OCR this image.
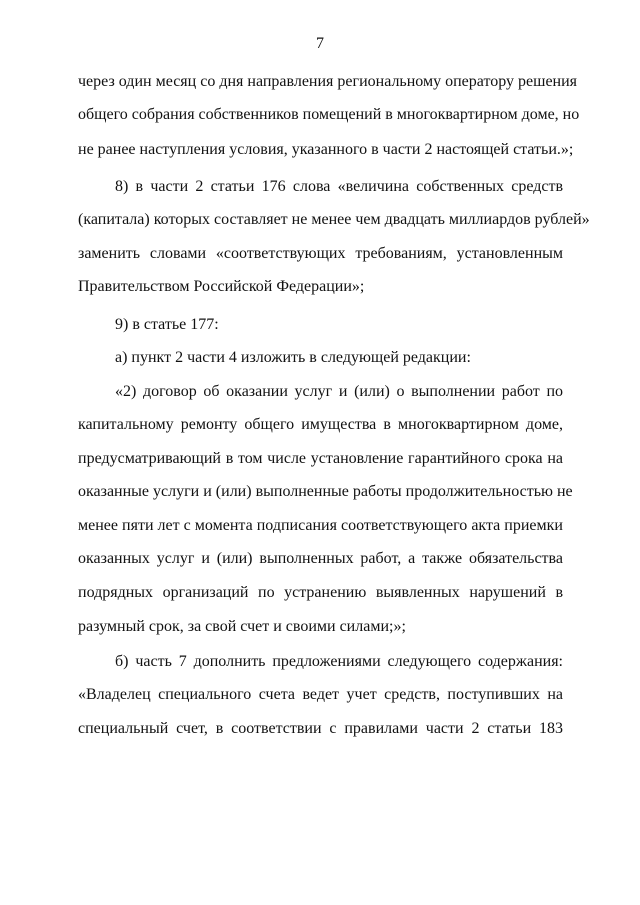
7
через один месяц со дня направления региональному оператору решения
общего собрания собственников помещений в многоквартирном доме, но
не ранее наступления условия, указанного в части 2 настоящей статьи.»;
8) в части 2 статьи 176 слова «величина собственных средств
(капитала) которых составляет не менее чем двадцать миллиардов рублей»
заменить словами «соответствующих требованиям, установленным
Правительством Российской Федерации»;
9) в статье 177:
а) пункт 2 части 4 изложить в следующей редакции:
«2) договор об оказании услуг и (или) о выполнении работ по
капитальному ремонту общего имущества в многоквартирном доме,
предусматривающий в том числе установление гарантийного срока на
оказанные услуги и (или) выполненные работы продолжительностью не
менее пяти лет с момента подписания соответствующего акта приемки
оказанных услуг и (или) выполненных работ, а также обязательства
подрядных организаций по устранению выявленных нарушений в
разумный срок, за свой счет и своими силами;»;
б) часть 7 дополнить предложениями следующего содержания:
«Владелец специального счета ведет учет средств, поступивших на
специальный счет, в соответствии с правилами части 2 статьи 183
